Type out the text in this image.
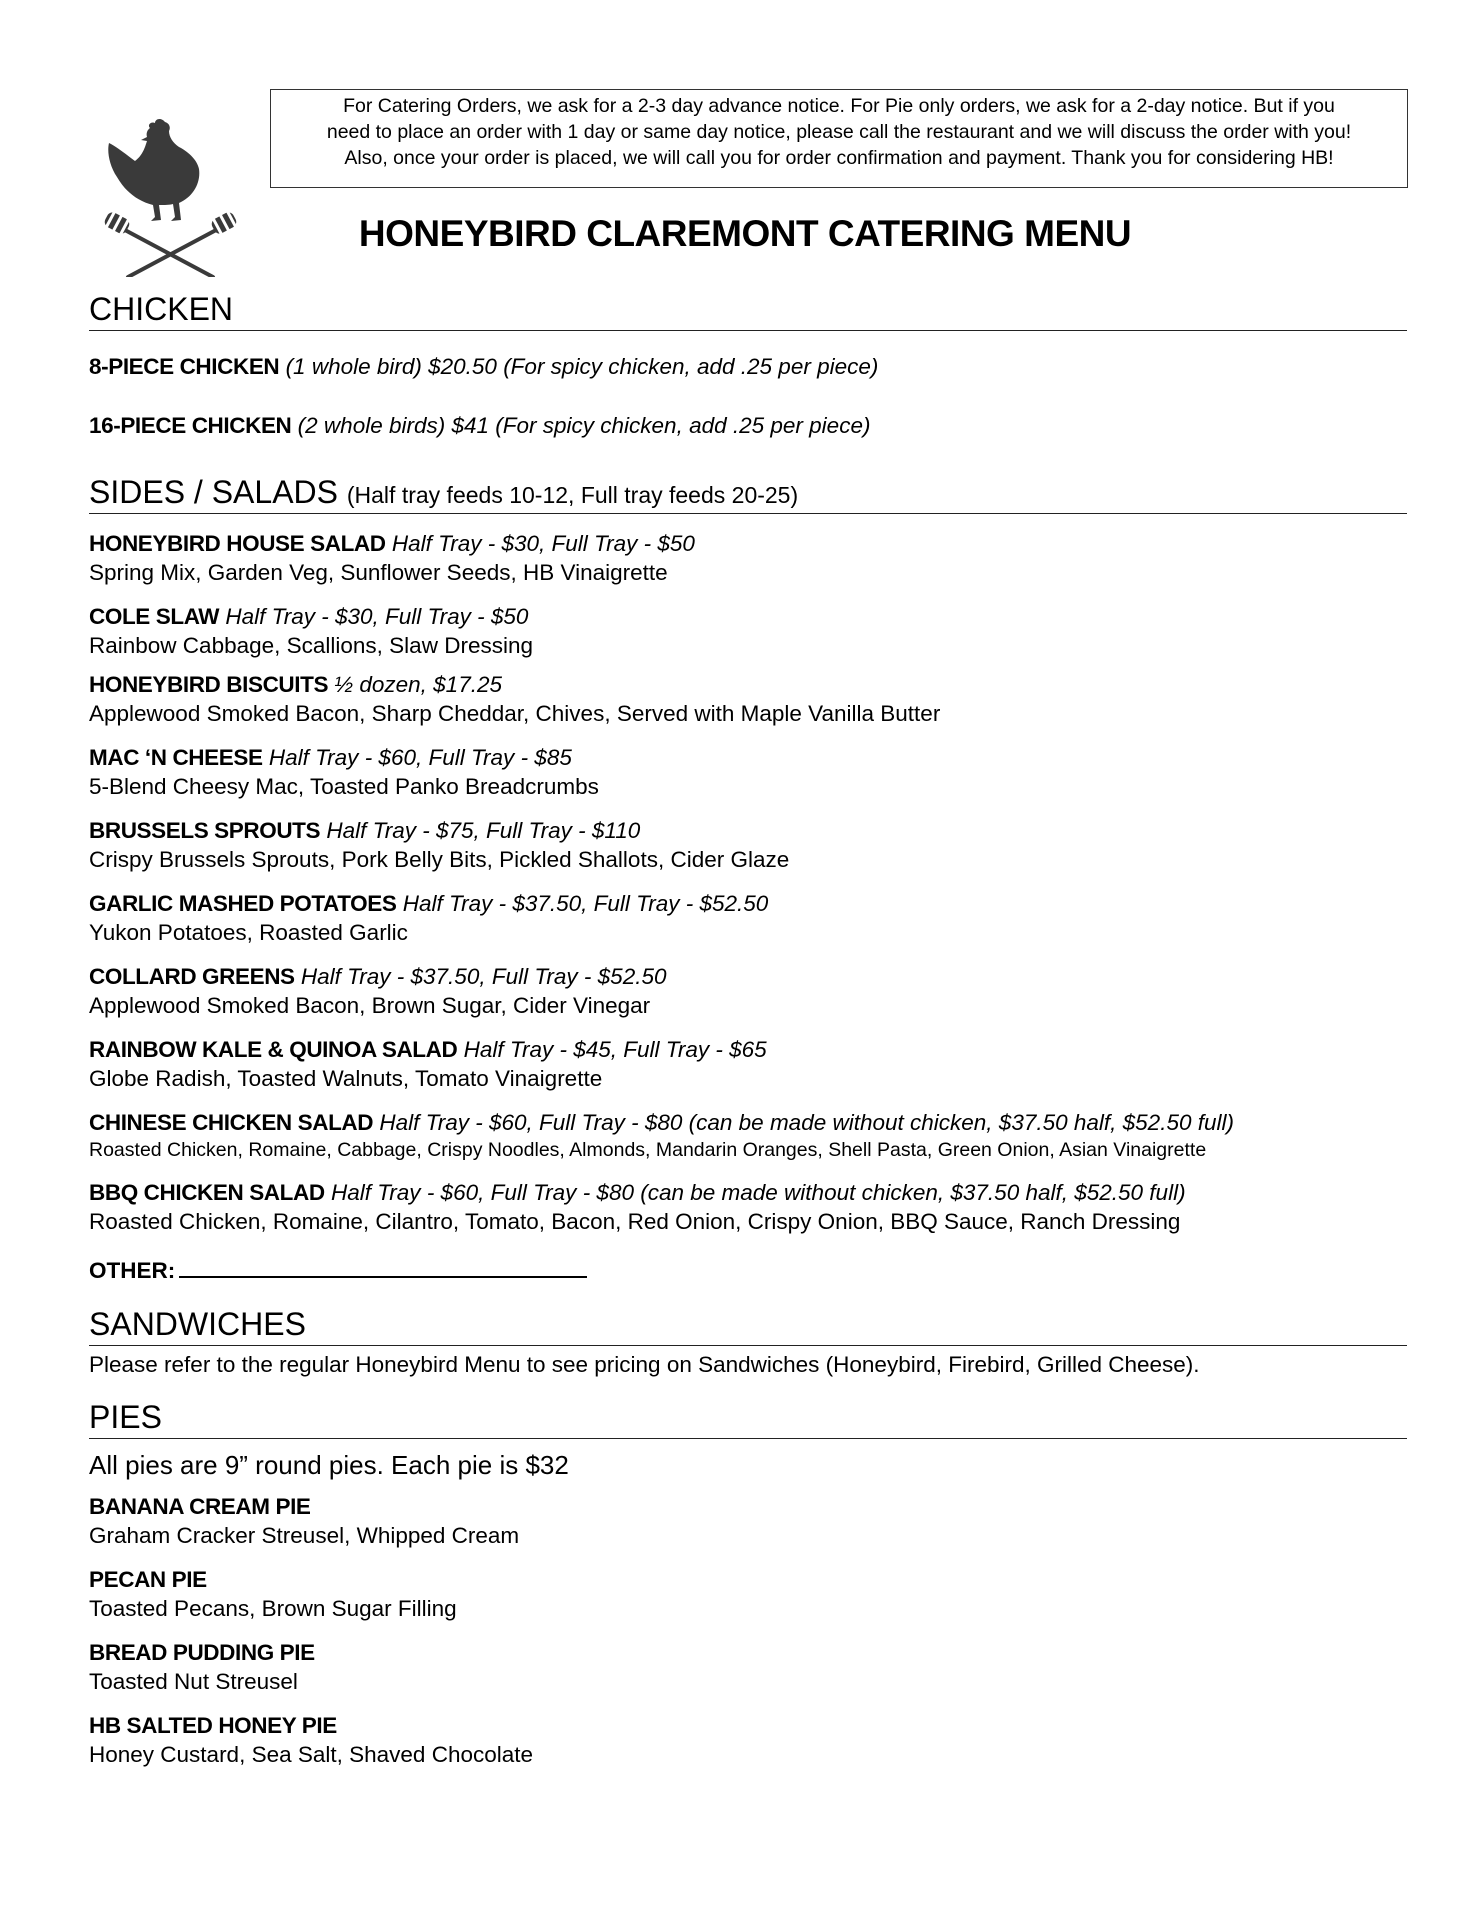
For Catering Orders, we ask for a 2-3 day advance notice. For Pie only orders, we ask for a 2-day notice. But if you
need to place an order with 1 day or same day notice, please call the restaurant and we will discuss the order with you!
Also, once your order is placed, we will call you for order confirmation and payment. Thank you for considering HB!
HONEYBIRD CLAREMONT CATERING MENU
CHICKEN
8-PIECE CHICKEN (1 whole bird) $20.50 (For spicy chicken, add .25 per piece)
16-PIECE CHICKEN (2 whole birds) $41 (For spicy chicken, add .25 per piece)
SIDES / SALADS (Half tray feeds 10-12, Full tray feeds 20-25)
HONEYBIRD HOUSE SALAD Half Tray - $30, Full Tray - $50
Spring Mix, Garden Veg, Sunflower Seeds, HB Vinaigrette
COLE SLAW Half Tray - $30, Full Tray - $50
Rainbow Cabbage, Scallions, Slaw Dressing
HONEYBIRD BISCUITS ½ dozen, $17.25
Applewood Smoked Bacon, Sharp Cheddar, Chives, Served with Maple Vanilla Butter
MAC ‘N CHEESE Half Tray - $60, Full Tray - $85
5-Blend Cheesy Mac, Toasted Panko Breadcrumbs
BRUSSELS SPROUTS Half Tray - $75, Full Tray - $110
Crispy Brussels Sprouts, Pork Belly Bits, Pickled Shallots, Cider Glaze
GARLIC MASHED POTATOES Half Tray - $37.50, Full Tray - $52.50
Yukon Potatoes, Roasted Garlic
COLLARD GREENS Half Tray - $37.50, Full Tray - $52.50
Applewood Smoked Bacon, Brown Sugar, Cider Vinegar
RAINBOW KALE & QUINOA SALAD Half Tray - $45, Full Tray - $65
Globe Radish, Toasted Walnuts, Tomato Vinaigrette
CHINESE CHICKEN SALAD Half Tray - $60, Full Tray - $80 (can be made without chicken, $37.50 half, $52.50 full)
Roasted Chicken, Romaine, Cabbage, Crispy Noodles, Almonds, Mandarin Oranges, Shell Pasta, Green Onion, Asian Vinaigrette
BBQ CHICKEN SALAD Half Tray - $60, Full Tray - $80 (can be made without chicken, $37.50 half, $52.50 full)
Roasted Chicken, Romaine, Cilantro, Tomato, Bacon, Red Onion, Crispy Onion, BBQ Sauce, Ranch Dressing
OTHER:
SANDWICHES
Please refer to the regular Honeybird Menu to see pricing on Sandwiches (Honeybird, Firebird, Grilled Cheese).
PIES
All pies are 9” round pies. Each pie is $32
BANANA CREAM PIE
Graham Cracker Streusel, Whipped Cream
PECAN PIE
Toasted Pecans, Brown Sugar Filling
BREAD PUDDING PIE
Toasted Nut Streusel
HB SALTED HONEY PIE
Honey Custard, Sea Salt, Shaved Chocolate
